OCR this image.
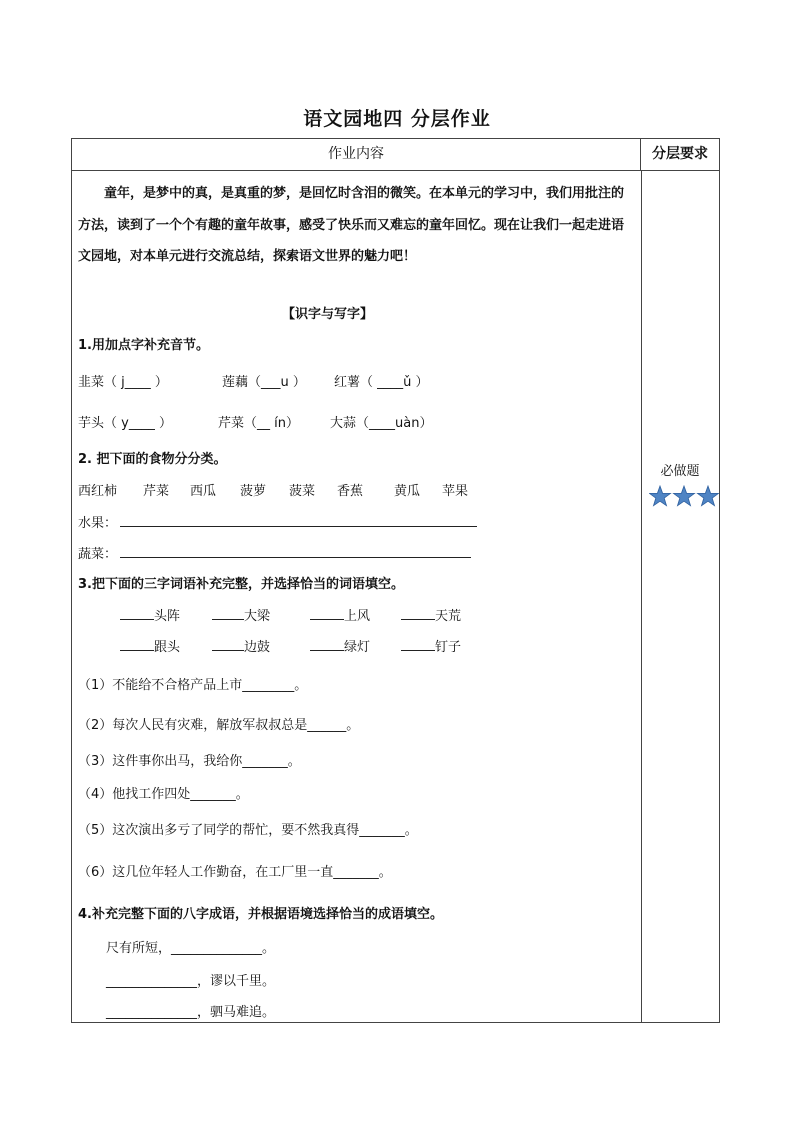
语文园地四 分层作业
作业内容	分层要求
童年，是梦中的真，是真重的梦，是回忆时含泪的微笑。在本单元的学习中，我们用批注的方法，读到了一个个有趣的童年故事，感受了快乐而又难忘的童年回忆。现在让我们一起走进语文园地，对本单元进行交流总结，探索语文世界的魅力吧！
【识字与写字】
1.用加点字补充音节。
韭菜（ j____ ）	莲藕（___u ） 红薯（ ____ǔ ）
芋头（ y____ ）	芹菜（__ ín） 大蒜（____uàn）
2. 把下面的食物分分类。
西红柿 芹菜 西瓜 菠萝 菠菜 香蕉 黄瓜 苹果
水果：
蔬菜：
3.把下面的三字词语补充完整，并选择恰当的词语填空。
头阵	大梁	上风	天荒
跟头	边鼓	绿灯	钉子
（1）不能给不合格产品上市________。
（2）每次人民有灾难，解放军叔叔总是______。
（3）这件事你出马，我给你_______。
（4）他找工作四处_______。
（5）这次演出多亏了同学的帮忙，要不然我真得_______。
（6）这几位年轻人工作勤奋，在工厂里一直_______。
4.补充完整下面的八字成语，并根据语境选择恰当的成语填空。
尺有所短，______________。
______________，谬以千里。
______________，驷马难追。
必做题
